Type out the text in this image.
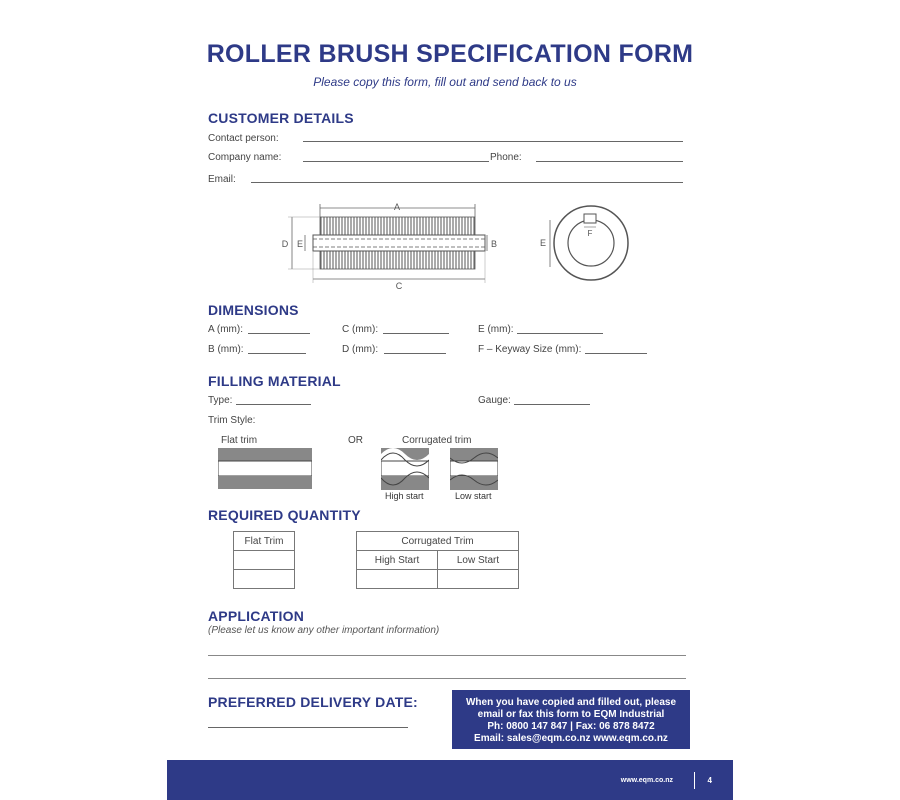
ROLLER BRUSH SPECIFICATION FORM
Please copy this form, fill out and send back to us
CUSTOMER DETAILS
Contact person:
Company name:	Phone:
Email:
A
D E	B
C
F
E
DIMENSIONS
A (mm):	C (mm):	E (mm):
B (mm):	D (mm):	F – Keyway Size (mm):
FILLING MATERIAL
Type:	Gauge:
Trim Style:
Flat trim	OR	Corrugated trim
High start	Low start
REQUIRED QUANTITY
Flat Trim	Corrugated Trim	
High Start	Low Start

APPLICATION
(Please let us know any other important information)
PREFERRED DELIVERY DATE:	When you have copied and filled out, please
email or fax this form to EQM Industrial
Ph: 0800 147 847 | Fax: 06 878 8472
Email: sales@eqm.co.nz www.eqm.co.nz
www.eqm.co.nz	4
